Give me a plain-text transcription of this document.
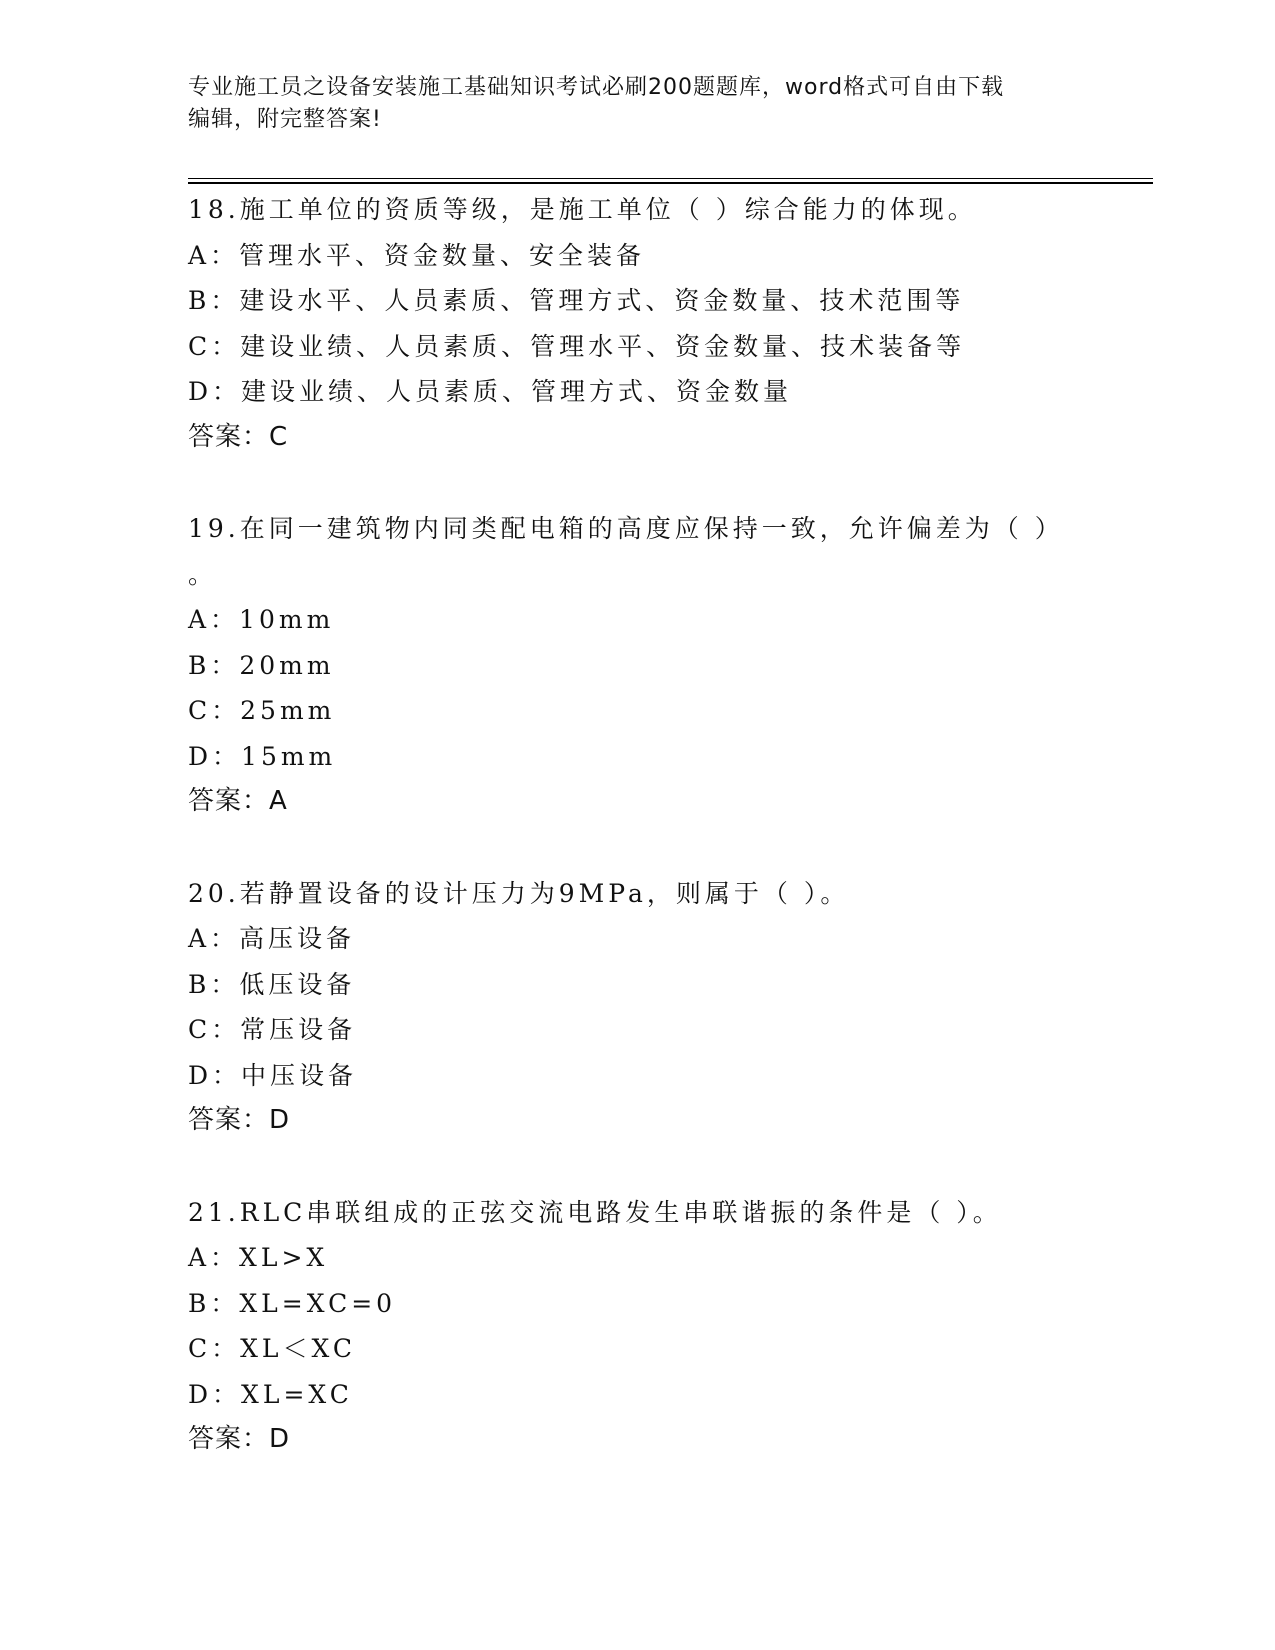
专业施工员之设备安装施工基础知识考试必刷200题题库，word格式可自由下载
编辑，附完整答案!
18.施工单位的资质等级，是施工单位（ ）综合能力的体现。
A：管理水平、资金数量、安全装备
B：建设水平、人员素质、管理方式、资金数量、技术范围等
C：建设业绩、人员素质、管理水平、资金数量、技术装备等
D：建设业绩、人员素质、管理方式、资金数量
答案：C
19.在同一建筑物内同类配电箱的高度应保持一致，允许偏差为（ ）
。
A：10mm
B：20mm
C：25mm
D：15mm
答案：A
20.若静置设备的设计压力为9MPa，则属于（ ）。
A：高压设备
B：低压设备
C：常压设备
D：中压设备
答案：D
21.RLC串联组成的正弦交流电路发生串联谐振的条件是（ ）。
A：XL>X
B：XL=XC=0
C：XL＜XC
D：XL=XC
答案：D
